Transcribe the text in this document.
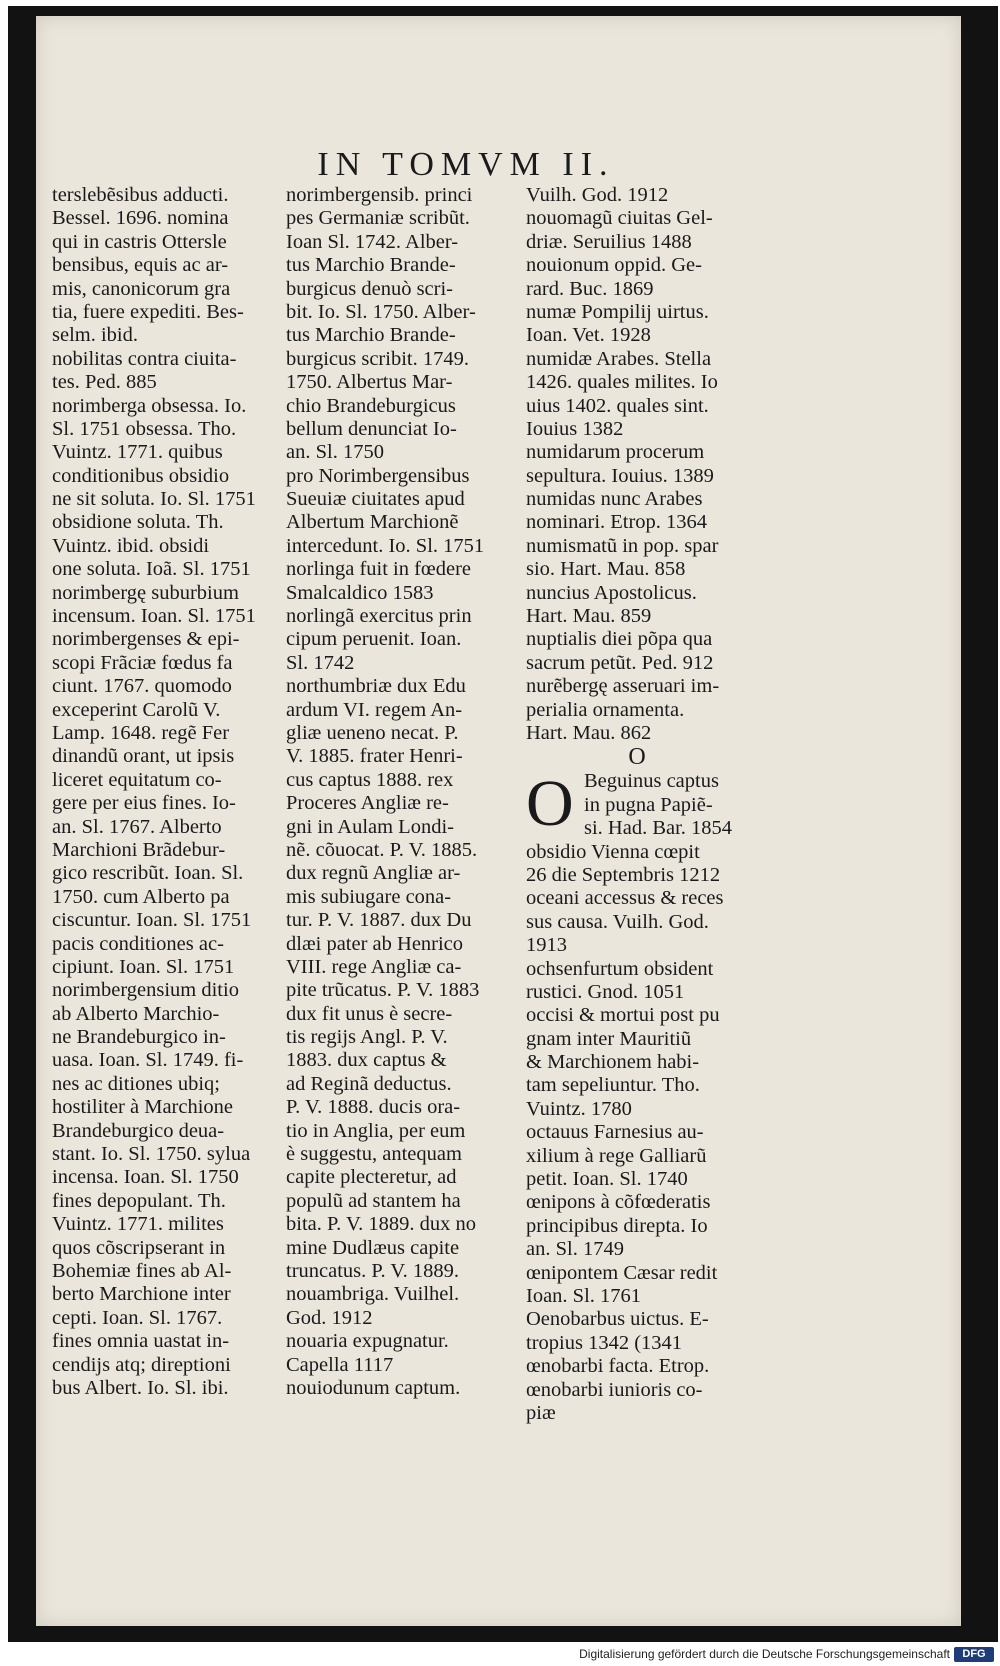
IN TOMVM II.
terslebẽsibus adducti.
Bessel. 1696. nomina
qui in castris Ottersle
bensibus, equis ac ar-
mis, canonicorum gra
tia, fuere expediti. Bes-
selm. ibid.
nobilitas contra ciuita-
tes. Ped. 885
norimberga obsessa. Io.
Sl. 1751 obsessa. Tho.
Vuintz. 1771. quibus
conditionibus obsidio
ne sit soluta. Io. Sl. 1751
obsidione soluta. Th.
Vuintz. ibid. obsidi
one soluta. Ioã. Sl. 1751
norimbergę suburbium
incensum. Ioan. Sl. 1751
norimbergenses & epi-
scopi Frãciæ fœdus fa
ciunt. 1767. quomodo
exceperint Carolũ V.
Lamp. 1648. regẽ Fer
dinandũ orant, ut ipsis
liceret equitatum co-
gere per eius fines. Io-
an. Sl. 1767. Alberto
Marchioni Brãdebur-
gico rescribũt. Ioan. Sl.
1750. cum Alberto pa
ciscuntur. Ioan. Sl. 1751
pacis conditiones ac-
cipiunt. Ioan. Sl. 1751
norimbergensium ditio
ab Alberto Marchio-
ne Brandeburgico in-
uasa. Ioan. Sl. 1749. fi-
nes ac ditiones ubiq;
hostiliter à Marchione
Brandeburgico deua-
stant. Io. Sl. 1750. sylua
incensa. Ioan. Sl. 1750
fines depopulant. Th.
Vuintz. 1771. milites
quos cõscripserant in
Bohemiæ fines ab Al-
berto Marchione inter
cepti. Ioan. Sl. 1767.
fines omnia uastat in-
cendijs atq; direptioni
bus Albert. Io. Sl. ibi.
norimbergensib. princi
pes Germaniæ scribũt.
Ioan Sl. 1742. Alber-
tus Marchio Brande-
burgicus denuò scri-
bit. Io. Sl. 1750. Alber-
tus Marchio Brande-
burgicus scribit. 1749.
1750. Albertus Mar-
chio Brandeburgicus
bellum denunciat Io-
an. Sl. 1750
pro Norimbergensibus
Sueuiæ ciuitates apud
Albertum Marchionẽ
intercedunt. Io. Sl. 1751
norlinga fuit in fœdere
Smalcaldico 1583
norlingã exercitus prin
cipum peruenit. Ioan.
Sl. 1742
northumbriæ dux Edu
ardum VI. regem An-
gliæ ueneno necat. P.
V. 1885. frater Henri-
cus captus 1888. rex
Proceres Angliæ re-
gni in Aulam Londi-
nẽ. cõuocat. P. V. 1885.
dux regnũ Angliæ ar-
mis subiugare cona-
tur. P. V. 1887. dux Du
dlæi pater ab Henrico
VIII. rege Angliæ ca-
pite trũcatus. P. V. 1883
dux fit unus è secre-
tis regijs Angl. P. V.
1883. dux captus &
ad Reginã deductus.
P. V. 1888. ducis ora-
tio in Anglia, per eum
è suggestu, antequam
capite plecteretur, ad
populũ ad stantem ha
bita. P. V. 1889. dux no
mine Dudlæus capite
truncatus. P. V. 1889.
nouambriga. Vuilhel.
God. 1912
nouaria expugnatur.
Capella 1117
nouiodunum captum.
Vuilh. God. 1912
nouomagũ ciuitas Gel-
driæ. Seruilius 1488
nouionum oppid. Ge-
rard. Buc. 1869
numæ Pompilij uirtus.
Ioan. Vet. 1928
numidæ Arabes. Stella
1426. quales milites. Io
uius 1402. quales sint.
Iouius 1382
numidarum procerum
sepultura. Iouius. 1389
numidas nunc Arabes
nominari. Etrop. 1364
numismatũ in pop. spar
sio. Hart. Mau. 858
nuncius Apostolicus.
Hart. Mau. 859
nuptialis diei põpa qua
sacrum petũt. Ped. 912
nurẽbergę asseruari im-
perialia ornamenta.
Hart. Mau. 862
O
O Beguinus captus
in pugna Papiẽ-
si. Had. Bar. 1854
obsidio Vienna cœpit
26 die Septembris 1212
oceani accessus & reces
sus causa. Vuilh. God.
1913
ochsenfurtum obsident
rustici. Gnod. 1051
occisi & mortui post pu
gnam inter Mauritiũ
& Marchionem habi-
tam sepeliuntur. Tho.
Vuintz. 1780
octauus Farnesius au-
xilium à rege Galliarũ
petit. Ioan. Sl. 1740
œnipons à cõfœderatis
principibus direpta. Io
an. Sl. 1749
œnipontem Cæsar redit
Ioan. Sl. 1761
Oenobarbus uictus. E-
tropius 1342 (1341
œnobarbi facta. Etrop.
œnobarbi iunioris co-
piæ
Digitalisierung gefördert durch die Deutsche Forschungsgemeinschaft	DFG
